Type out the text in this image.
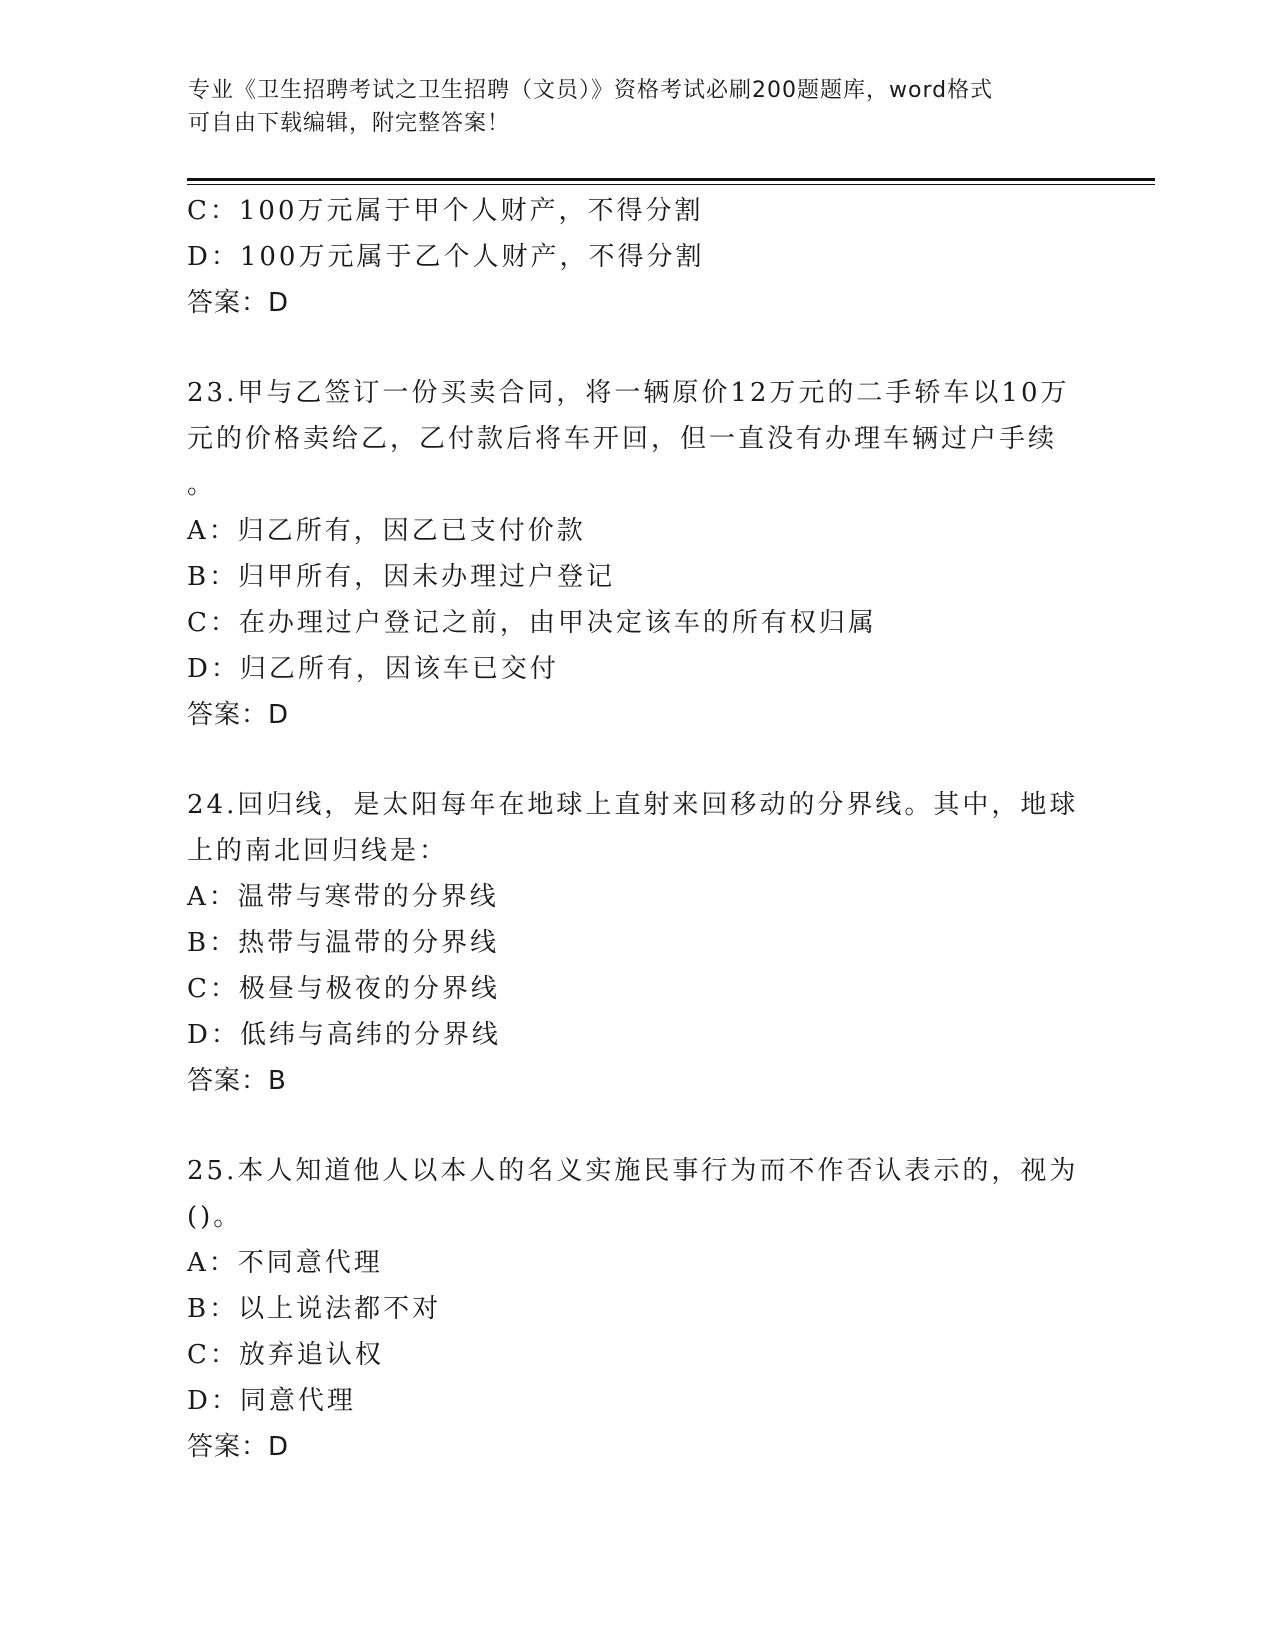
专业《卫生招聘考试之卫生招聘（文员）》资格考试必刷200题题库，word格式
可自由下载编辑，附完整答案！
C：100万元属于甲个人财产，不得分割
D：100万元属于乙个人财产，不得分割
答案：D
23.甲与乙签订一份买卖合同，将一辆原价12万元的二手轿车以10万
元的价格卖给乙，乙付款后将车开回，但一直没有办理车辆过户手续
。
A：归乙所有，因乙已支付价款
B：归甲所有，因未办理过户登记
C：在办理过户登记之前，由甲决定该车的所有权归属
D：归乙所有，因该车已交付
答案：D
24.回归线，是太阳每年在地球上直射来回移动的分界线。其中，地球
上的南北回归线是：
A：温带与寒带的分界线
B：热带与温带的分界线
C：极昼与极夜的分界线
D：低纬与高纬的分界线
答案：B
25.本人知道他人以本人的名义实施民事行为而不作否认表示的，视为
()。
A：不同意代理
B：以上说法都不对
C：放弃追认权
D：同意代理
答案：D
